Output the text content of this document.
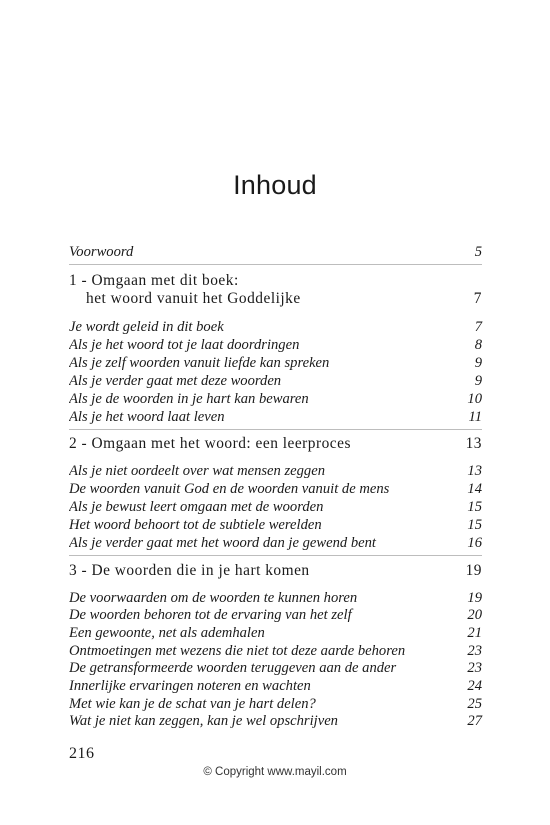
Inhoud
Voorwoord	5
1 - Omgaan met dit boek:
het woord vanuit het Goddelijke	7
Je wordt geleid in dit boek	7
Als je het woord tot je laat doordringen	8
Als je zelf woorden vanuit liefde kan spreken	9
Als je verder gaat met deze woorden	9
Als je de woorden in je hart kan bewaren	10
Als je het woord laat leven	11
2 - Omgaan met het woord: een leerproces	13
Als je niet oordeelt over wat mensen zeggen	13
De woorden vanuit God en de woorden vanuit de mens	14
Als je bewust leert omgaan met de woorden	15
Het woord behoort tot de subtiele werelden	15
Als je verder gaat met het woord dan je gewend bent	16
3 - De woorden die in je hart komen	19
De voorwaarden om de woorden te kunnen horen	19
De woorden behoren tot de ervaring van het zelf	20
Een gewoonte, net als ademhalen	21
Ontmoetingen met wezens die niet tot deze aarde behoren	23
De getransformeerde woorden teruggeven aan de ander	23
Innerlijke ervaringen noteren en wachten	24
Met wie kan je de schat van je hart delen?	25
Wat je niet kan zeggen, kan je wel opschrijven	27
216
© Copyright www.mayil.com
